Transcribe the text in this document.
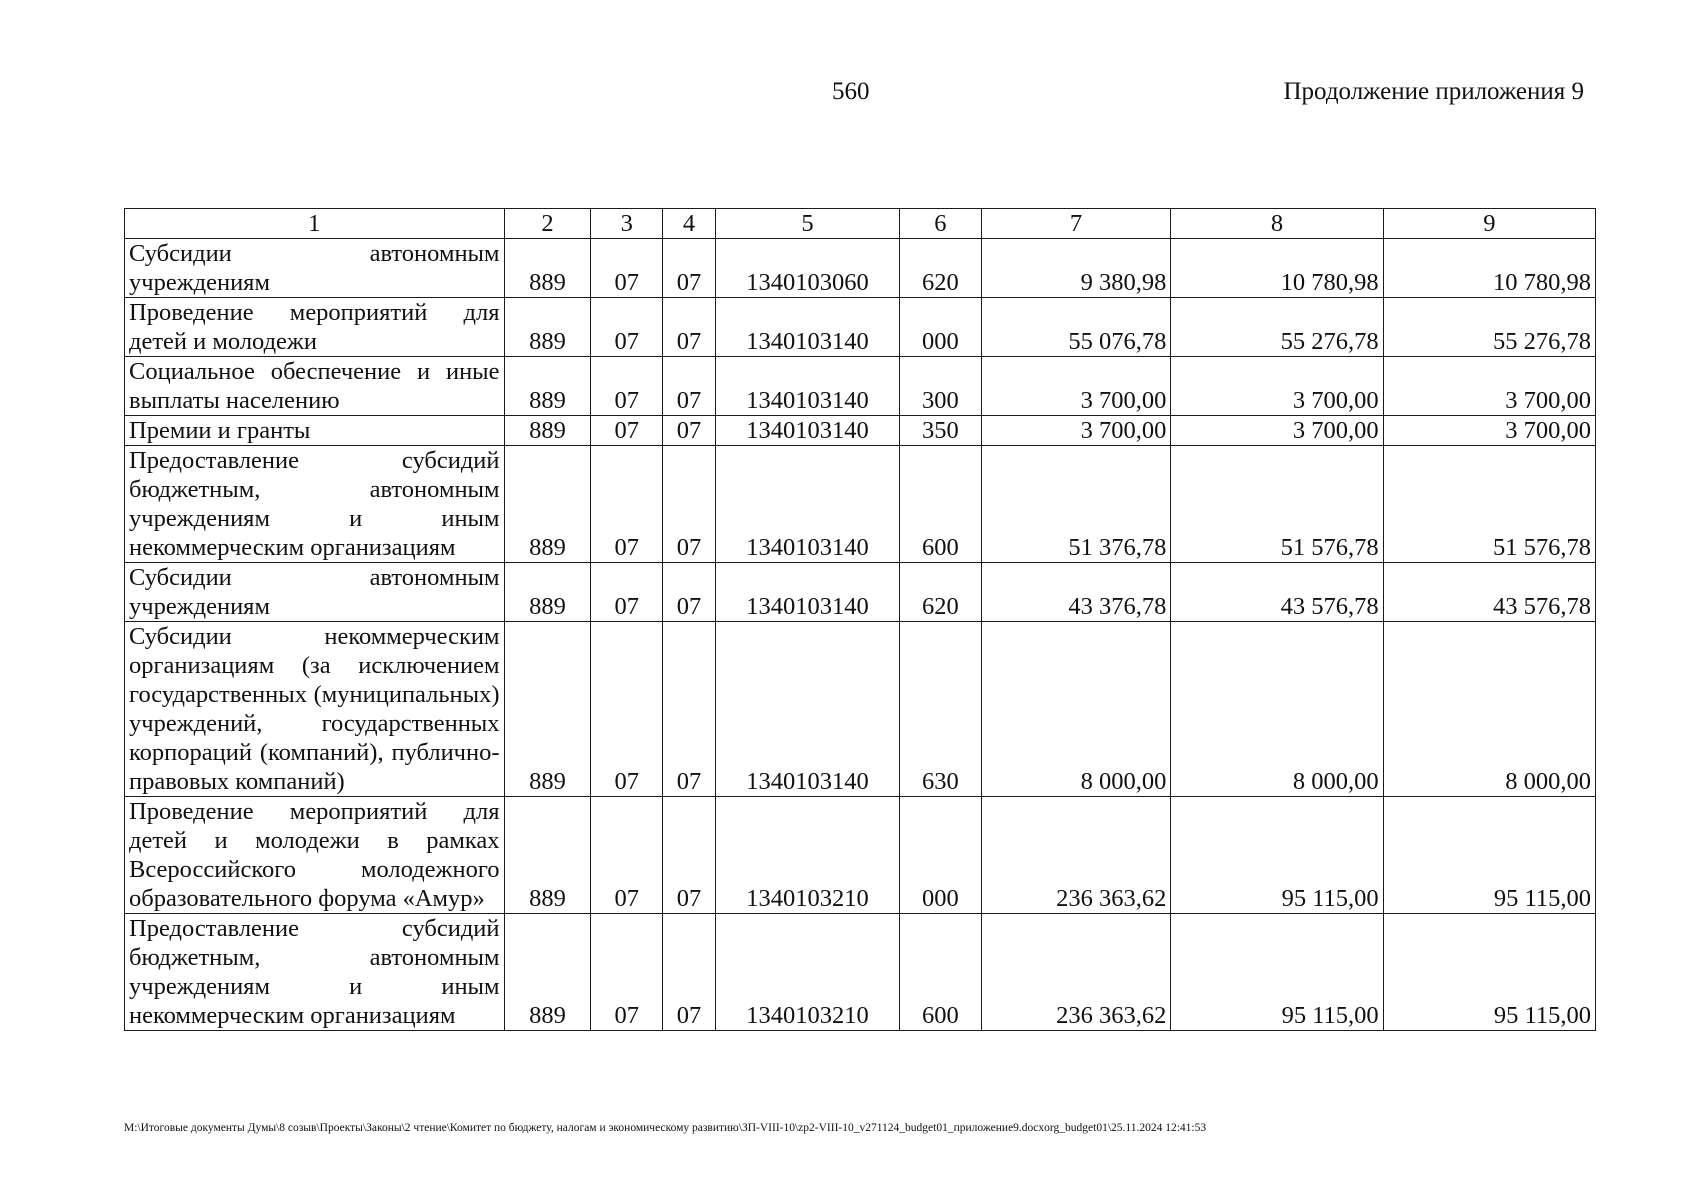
560	Продолжение приложения 9
1	2	3	4	5	6	7	8	9
Субсидии автономным учреждениям	889	07	07	1340103060	620	9 380,98	10 780,98	10 780,98
Проведение мероприятий для детей и молодежи	889	07	07	1340103140	000	55 076,78	55 276,78	55 276,78
Социальное обеспечение и иные выплаты населению	889	07	07	1340103140	300	3 700,00	3 700,00	3 700,00
Премии и гранты	889	07	07	1340103140	350	3 700,00	3 700,00	3 700,00
Предоставление субсидий бюджетным, автономным учреждениям и иным некоммерческим организациям	889	07	07	1340103140	600	51 376,78	51 576,78	51 576,78
Субсидии автономным учреждениям	889	07	07	1340103140	620	43 376,78	43 576,78	43 576,78
Субсидии некоммерческим организациям (за исключением государственных (муниципальных) учреждений, государственных корпораций (компаний), публично-правовых компаний)	889	07	07	1340103140	630	8 000,00	8 000,00	8 000,00
Проведение мероприятий для детей и молодежи в рамках Всероссийского молодежного образовательного форума «Амур»	889	07	07	1340103210	000	236 363,62	95 115,00	95 115,00
Предоставление субсидий бюджетным, автономным учреждениям и иным некоммерческим организациям	889	07	07	1340103210	600	236 363,62	95 115,00	95 115,00
M:\Итоговые документы Думы\8 созыв\Проекты\Законы\2 чтение\Комитет по бюджету, налогам и экономическому развитию\ЗП-VIII-10\zp2-VIII-10_v271124_budget01_приложение9.docxorg_budget01\25.11.2024 12:41:53
